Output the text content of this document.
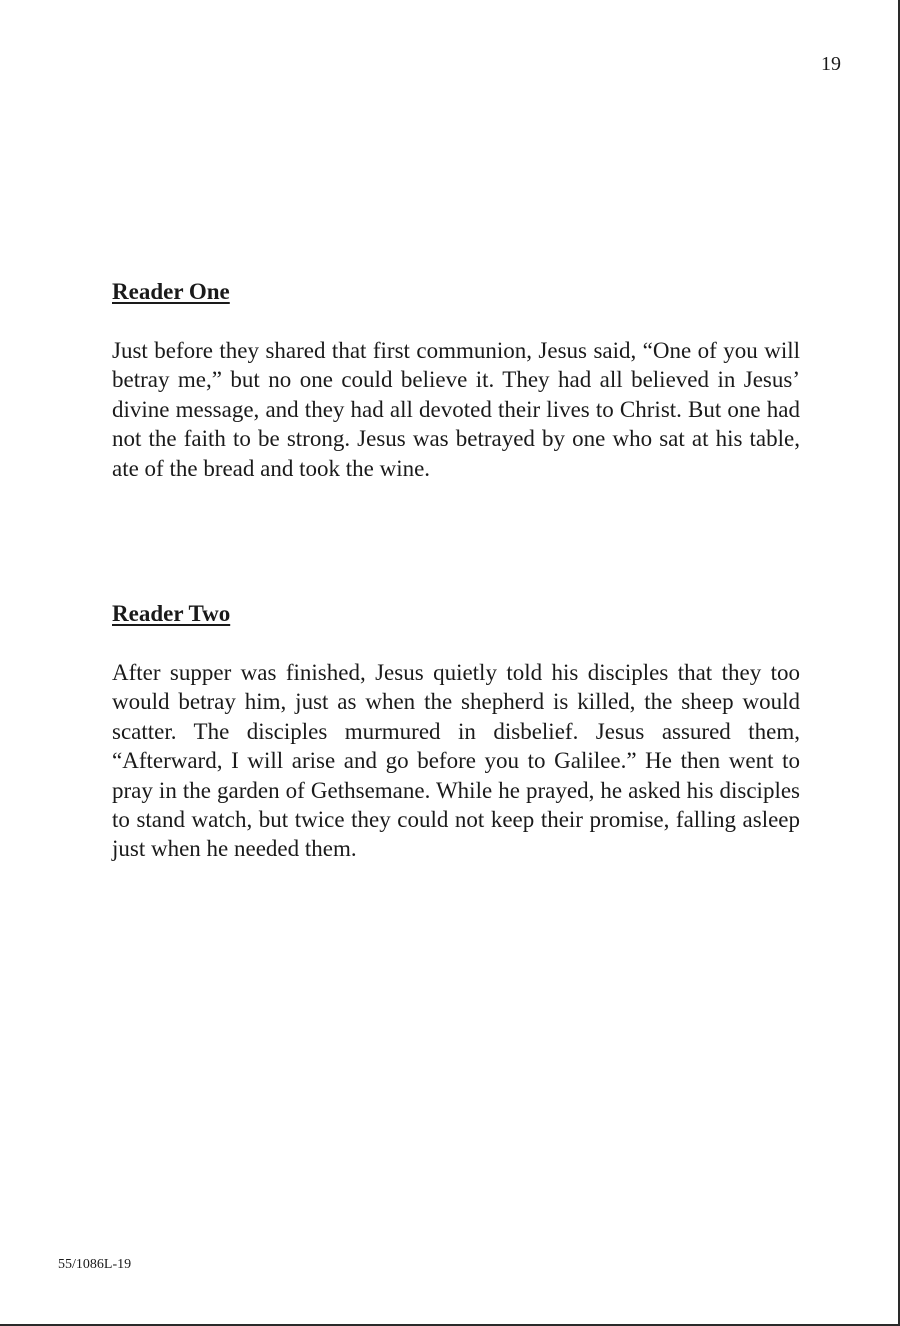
19
Reader One

Just before they shared that first communion, Jesus said, “One of you will betray me,” but no one could believe it. They had all believed in Jesus’ divine message, and they had all devoted their lives to Christ. But one had not the faith to be strong. Jesus was betrayed by one who sat at his table, ate of the bread and took the wine.

Reader Two

After supper was finished, Jesus quietly told his disciples that they too would betray him, just as when the shepherd is killed, the sheep would scatter. The disciples murmured in disbelief. Jesus assured them, “Afterward, I will arise and go before you to Galilee.” He then went to pray in the garden of Gethsemane. While he prayed, he asked his disciples to stand watch, but twice they could not keep their promise, falling asleep just when he needed them.

55/1086L-19
